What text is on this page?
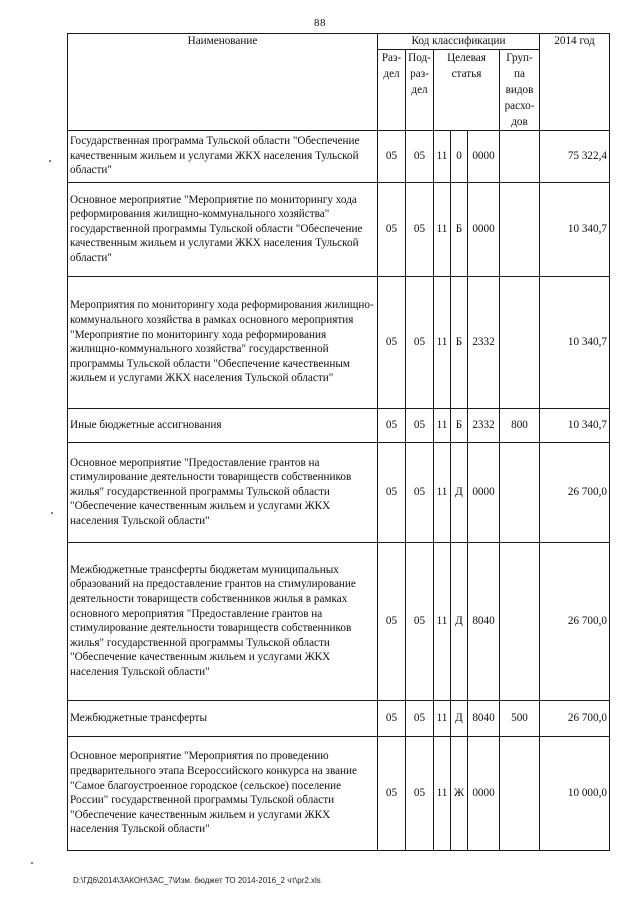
88
Наименование	Код классификации						2014 год
	Раз-дел	Под-раз-дел	Целевая статья			Груп-па видов расхо-дов	
Государственная программа Тульской области "Обеспечение качественным жильем и услугами ЖКХ населения Тульской области"	05	05	11	0	0000		75 322,4
Основное мероприятие "Мероприятие по мониторингу хода реформирования жилищно-коммунального хозяйства" государственной программы Тульской области "Обеспечение качественным жильем и услугами ЖКХ населения Тульской области"	05	05	11	Б	0000		10 340,7
Мероприятия по мониторингу хода реформирования жилищно-коммунального хозяйства в рамках основного мероприятия "Мероприятие по мониторингу хода реформирования жилищно-коммунального хозяйства" государственной программы Тульской области "Обеспечение качественным жильем и услугами ЖКХ населения Тульской области"	05	05	11	Б	2332		10 340,7
Иные бюджетные ассигнования	05	05	11	Б	2332	800	10 340,7
Основное мероприятие "Предоставление грантов на стимулирование деятельности товариществ собственников жилья" государственной программы Тульской области "Обеспечение качественным жильем и услугами ЖКХ населения Тульской области"	05	05	11	Д	0000		26 700,0
Межбюджетные трансферты бюджетам муниципальных образований на предоставление грантов на стимулирование деятельности товариществ собственников жилья в рамках основного мероприятия "Предоставление грантов на стимулирование деятельности товариществ собственников жилья" государственной программы Тульской области "Обеспечение качественным жильем и услугами ЖКХ населения Тульской области"	05	05	11	Д	8040		26 700,0
Межбюджетные трансферты	05	05	11	Д	8040	500	26 700,0
Основное мероприятие "Мероприятия по проведению предварительного этапа Всероссийского конкурса на звание "Самое благоустроенное городское (сельское) поселение России" государственной программы Тульской области "Обеспечение качественным жильем и услугами ЖКХ населения Тульской области"	05	05	11	Ж	0000		10 000,0
D:\ГД6\2014\ЗАКОН\ЗАС_7\Изм. бюджет ТО 2014-2016_2 чт\pr2.xls
